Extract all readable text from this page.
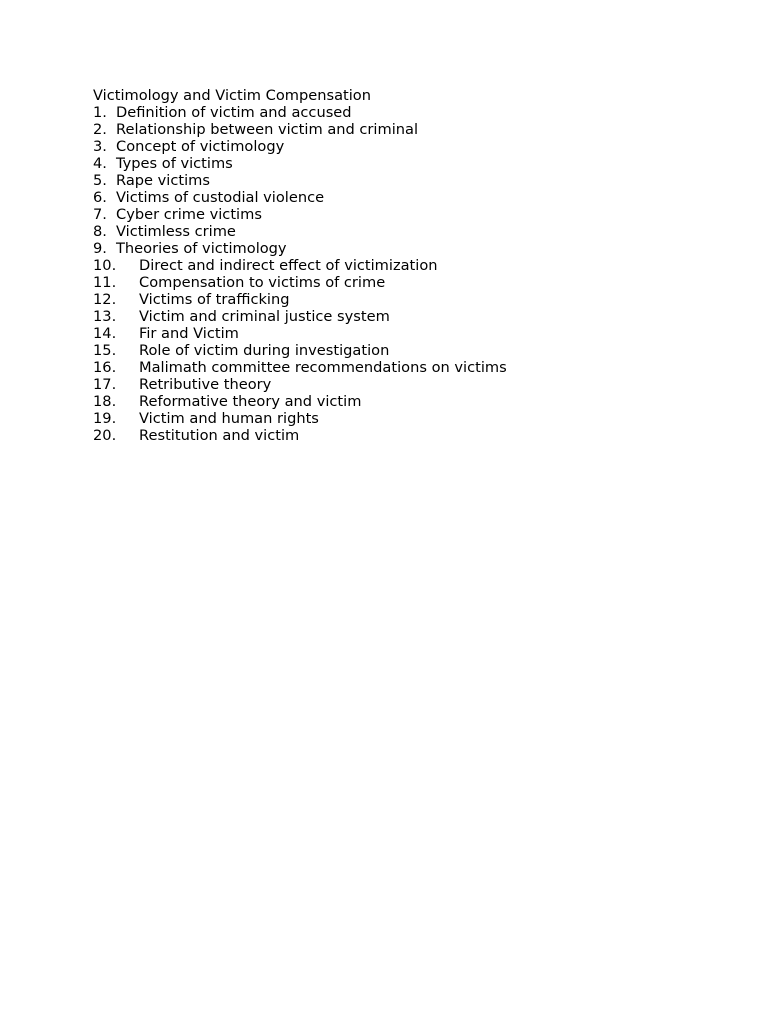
Victimology and Victim Compensation
1. Definition of victim and accused
2. Relationship between victim and criminal
3. Concept of victimology
4. Types of victims
5. Rape victims
6. Victims of custodial violence
7. Cyber crime victims
8. Victimless crime
9. Theories of victimology
10. Direct and indirect effect of victimization
11. Compensation to victims of crime
12. Victims of trafficking
13. Victim and criminal justice system
14. Fir and Victim
15. Role of victim during investigation
16. Malimath committee recommendations on victims
17. Retributive theory
18. Reformative theory and victim
19. Victim and human rights
20. Restitution and victim
